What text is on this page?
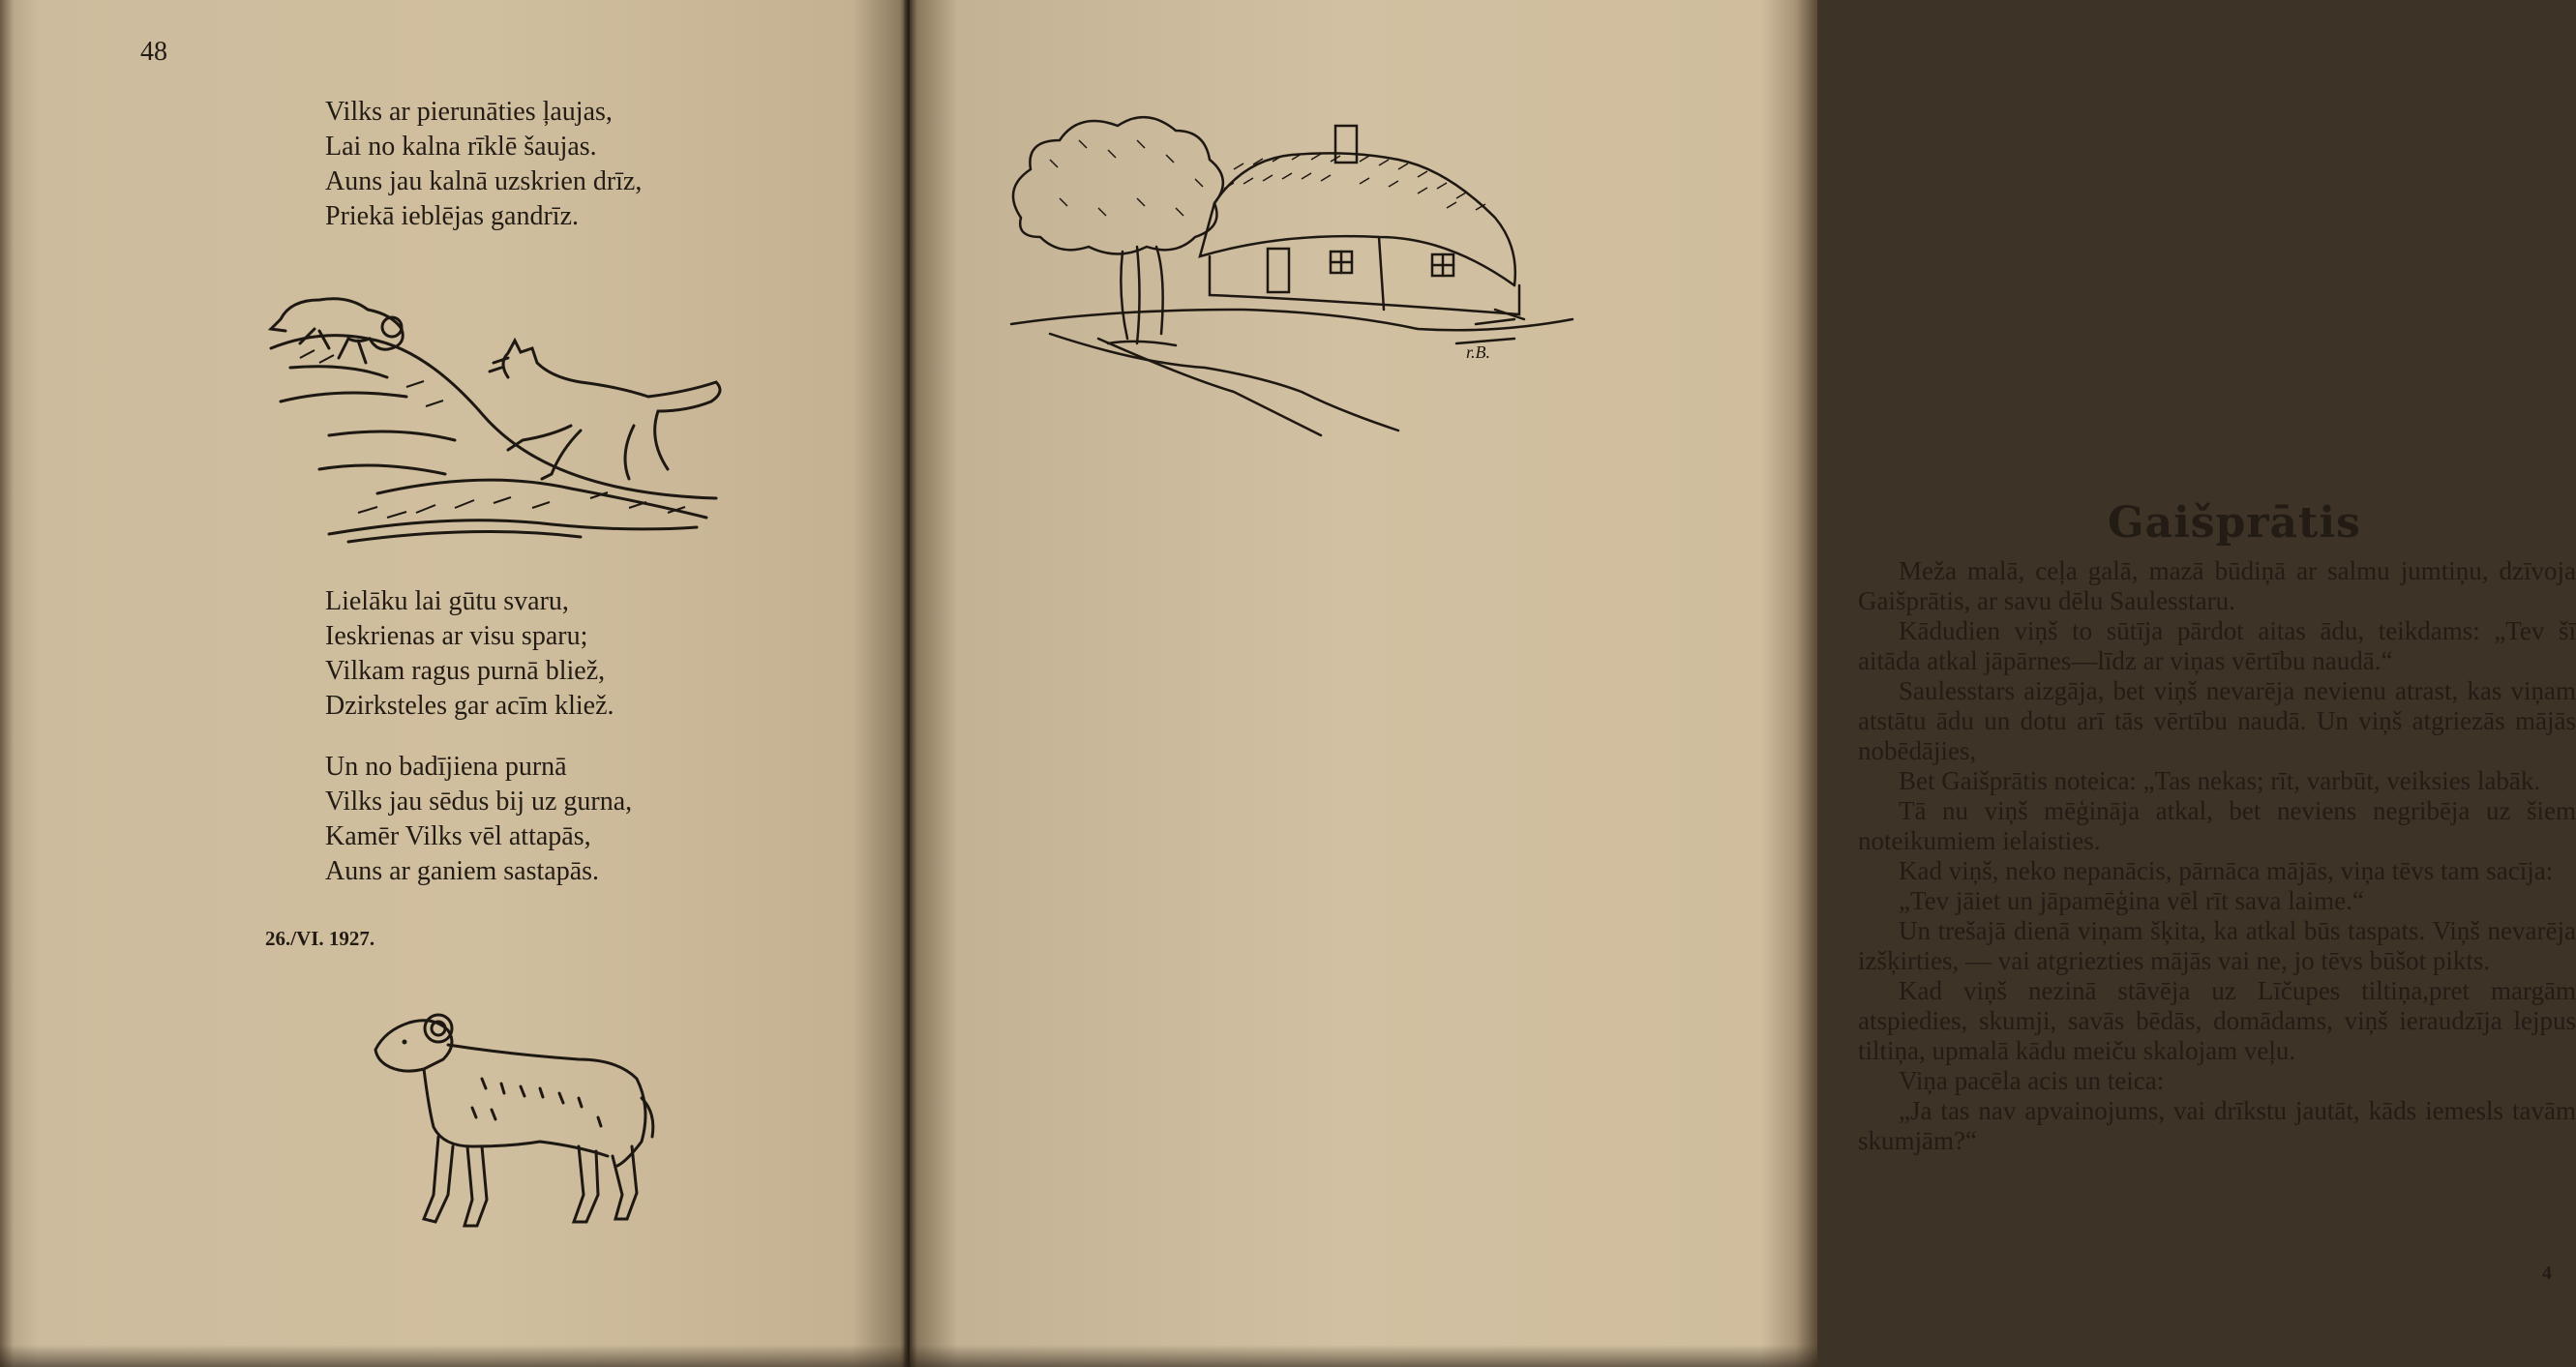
48
Vilks ar pierunāties ļaujas,
Lai no kalna rīklē šaujas.
Auns jau kalnā uzskrien drīz,
Priekā ieblējas gandrīz.
Lielāku lai gūtu svaru,
Ieskrienas ar visu sparu;
Vilkam ragus purnā bliež,
Dzirksteles gar acīm kliež.
Un no badījiena purnā
Vilks jau sēdus bij uz gurna,
Kamēr Vilks vēl attapās,
Auns ar ganiem sastapās.
26./VI. 1927.
r.B.
Gaišprātis

Meža malā, ceļa galā, mazā būdiņā ar salmu jumtiņu, dzīvoja Gaišprātis, ar savu dēlu Saulesstaru.

Kādudien viņš to sūtīja pārdot aitas ādu, teikdams: „Tev šī aitāda atkal jāpārnes—līdz ar viņas vērtību naudā.“

Saulesstars aizgāja, bet viņš nevarēja nevienu atrast, kas viņam atstātu ādu un dotu arī tās vērtību naudā. Un viņš atgriezās mājās nobēdājies,

Bet Gaišprātis noteica: „Tas nekas; rīt, varbūt, veiksies labāk.

Tā nu viņš mēģināja atkal, bet neviens negribēja uz šiem noteikumiem ielaisties.

Kad viņš, neko nepanācis, pārnāca mājās, viņa tēvs tam sacīja:

„Tev jāiet un jāpamēģina vēl rīt sava laime.“

Un trešajā dienā viņam šķita, ka atkal būs taspats. Viņš nevarēja izšķirties, — vai atgriezties mājās vai ne, jo tēvs būšot pikts.

Kad viņš nezinā stāvēja uz Līčupes tiltiņa,pret margām atspiedies, skumji, savās bēdās, domādams, viņš ieraudzīja lejpus tiltiņa, upmalā kādu meiču skalojam veļu.

Viņa pacēla acis un teica:

„Ja tas nav apvainojums, vai drīkstu jautāt, kāds iemesls tavām skumjām?“

4
